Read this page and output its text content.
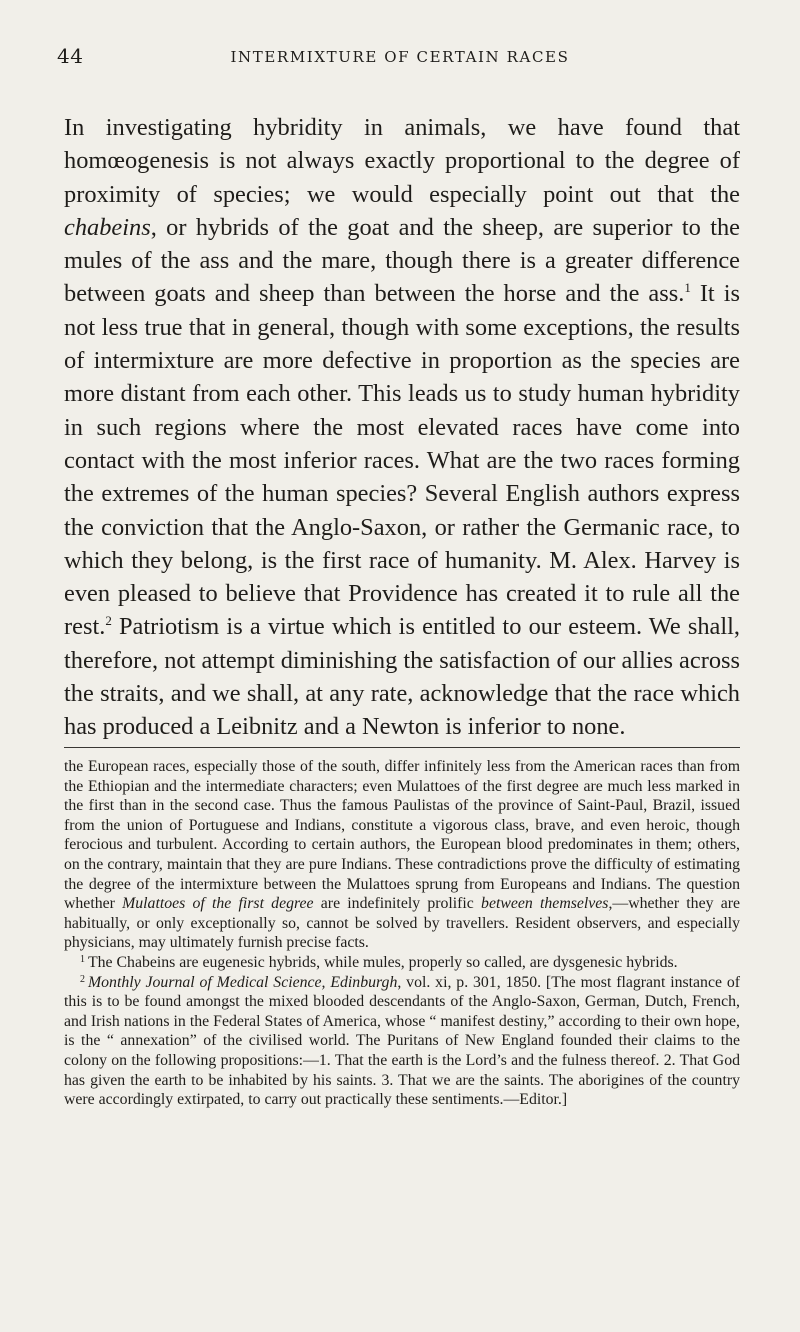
44	INTERMIXTURE OF CERTAIN RACES

In investigating hybridity in animals, we have found that homœogenesis is not always exactly proportional to the degree of proximity of species; we would especially point out that the chabeins, or hybrids of the goat and the sheep, are superior to the mules of the ass and the mare, though there is a greater difference between goats and sheep than between the horse and the ass.$^1$ It is not less true that in general, though with some exceptions, the results of intermixture are more defective in proportion as the species are more distant from each other. This leads us to study human hybridity in such regions where the most elevated races have come into contact with the most inferior races. What are the two races forming the extremes of the human species? Several English authors express the conviction that the Anglo-Saxon, or rather the Germanic race, to which they belong, is the first race of humanity. M. Alex. Harvey is even pleased to believe that Providence has created it to rule all the rest.$^2$ Patriotism is a virtue which is entitled to our esteem. We shall, therefore, not attempt diminishing the satisfaction of our allies across the straits, and we shall, at any rate, acknowledge that the race which has produced a Leibnitz and a Newton is inferior to none.

the European races, especially those of the south, differ infinitely less from the American races than from the Ethiopian and the intermediate characters; even Mulattoes of the first degree are much less marked in the first than in the second case. Thus the famous Paulistas of the province of Saint-Paul, Brazil, issued from the union of Portuguese and Indians, constitute a vigorous class, brave, and even heroic, though ferocious and turbulent. According to certain authors, the European blood predominates in them; others, on the contrary, maintain that they are pure Indians. These contradictions prove the difficulty of estimating the degree of the intermixture between the Mulattoes sprung from Europeans and Indians. The question whether Mulattoes of the first degree are indefinitely prolific between themselves,—whether they are habitually, or only exceptionally so, cannot be solved by travellers. Resident observers, and especially physicians, may ultimately furnish precise facts.

$^1$ The Chabeins are eugenesic hybrids, while mules, properly so called, are dysgenesic hybrids.

$^2$ Monthly Journal of Medical Science, Edinburgh, vol. xi, p. 301, 1850. [The most flagrant instance of this is to be found amongst the mixed blooded descendants of the Anglo-Saxon, German, Dutch, French, and Irish nations in the Federal States of America, whose “ manifest destiny,” according to their own hope, is the “ annexation” of the civilised world. The Puritans of New England founded their claims to the colony on the following propositions:—1. That the earth is the Lord’s and the fulness thereof. 2. That God has given the earth to be inhabited by his saints. 3. That we are the saints. The aborigines of the country were accordingly extirpated, to carry out practically these sentiments.—Editor.]
